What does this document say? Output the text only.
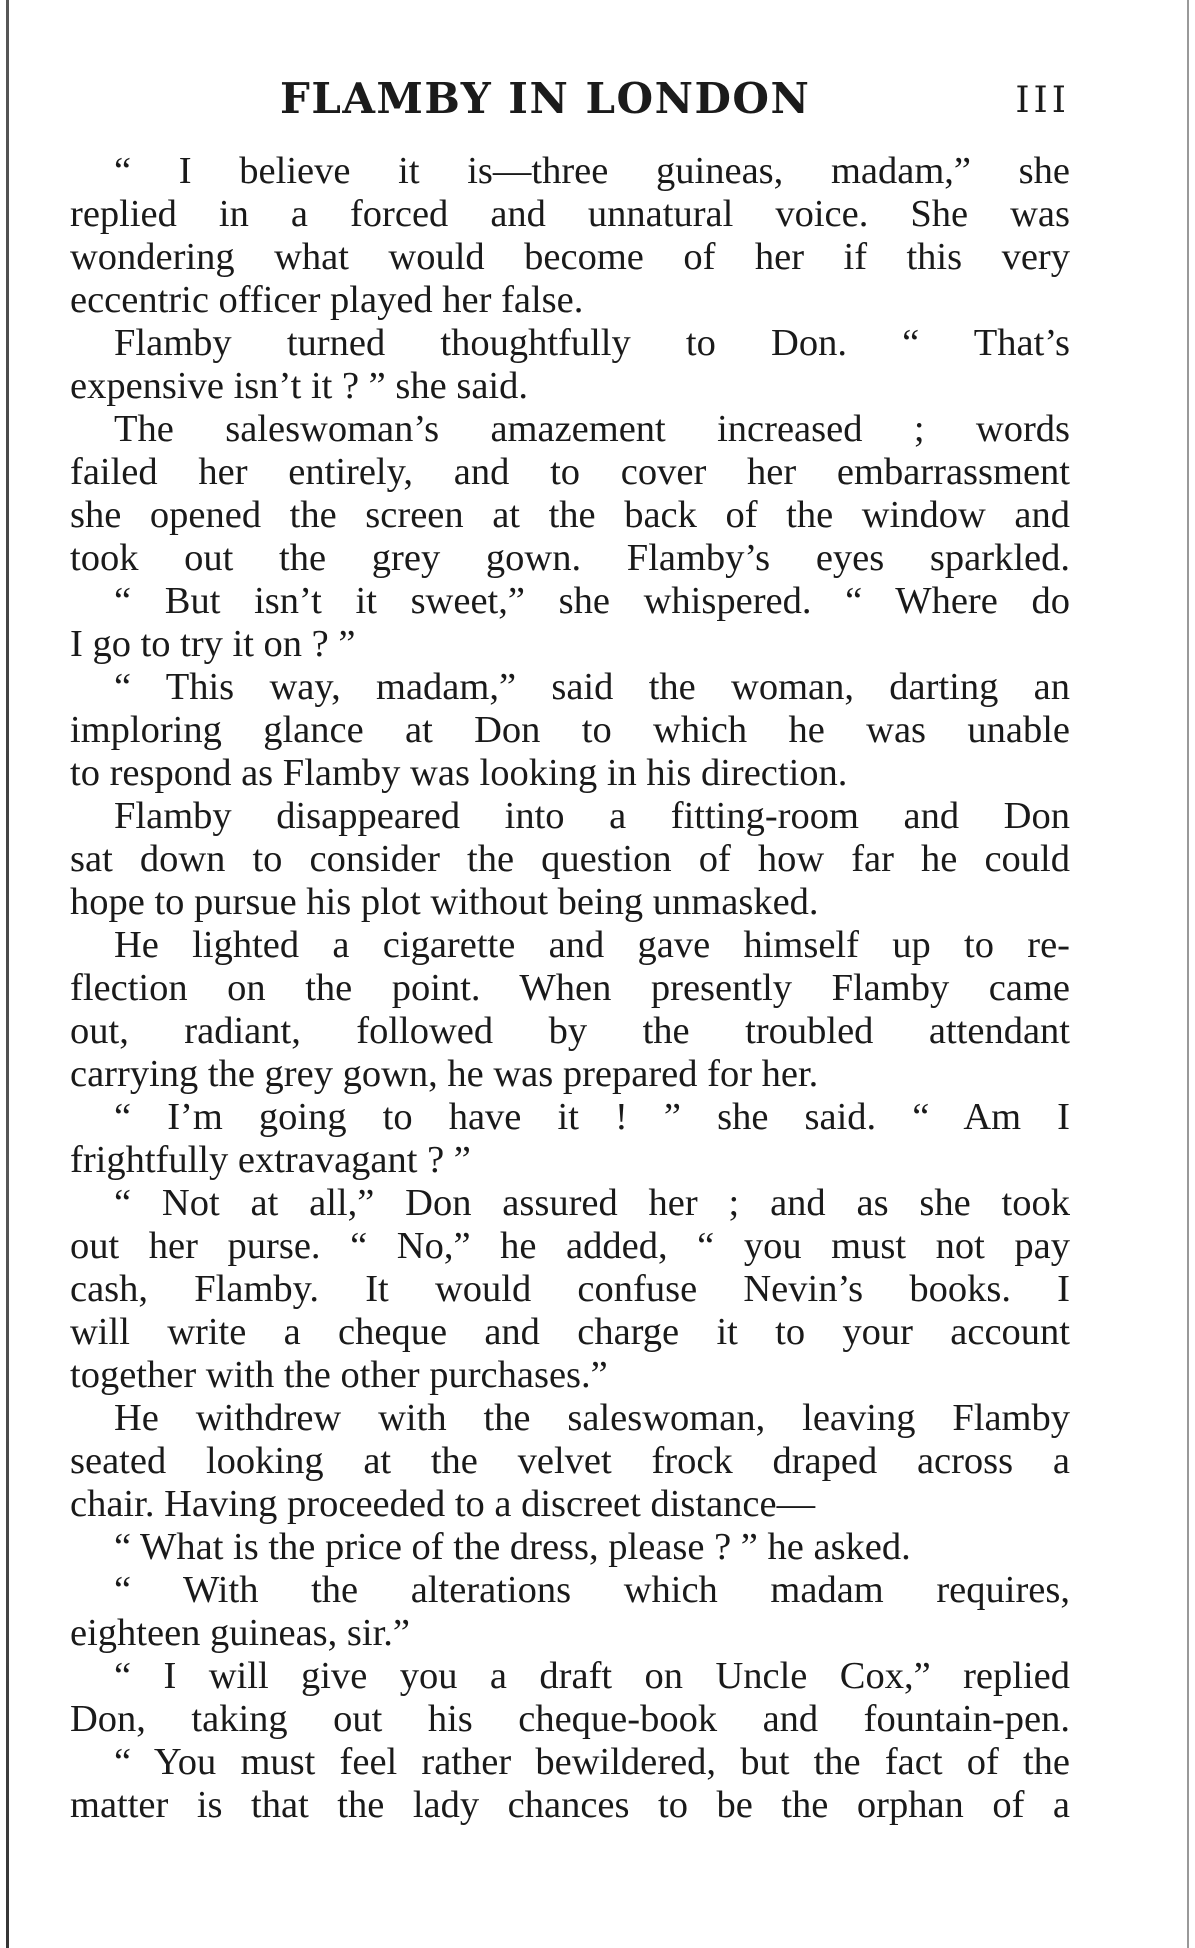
FLAMBY IN LONDON	III
“ I believe it is—three guineas, madam,” she
replied in a forced and unnatural voice. She was
wondering what would become of her if this very
eccentric officer played her false.
Flamby turned thoughtfully to Don. “ That’s
expensive isn’t it ? ” she said.
The saleswoman’s amazement increased ; words
failed her entirely, and to cover her embarrassment
she opened the screen at the back of the window and
took out the grey gown. Flamby’s eyes sparkled.
“ But isn’t it sweet,” she whispered. “ Where do
I go to try it on ? ”
“ This way, madam,” said the woman, darting an
imploring glance at Don to which he was unable
to respond as Flamby was looking in his direction.
Flamby disappeared into a fitting-room and Don
sat down to consider the question of how far he could
hope to pursue his plot without being unmasked.
He lighted a cigarette and gave himself up to re-
flection on the point. When presently Flamby came
out, radiant, followed by the troubled attendant
carrying the grey gown, he was prepared for her.
“ I’m going to have it ! ” she said. “ Am I
frightfully extravagant ? ”
“ Not at all,” Don assured her ; and as she took
out her purse. “ No,” he added, “ you must not pay
cash, Flamby. It would confuse Nevin’s books. I
will write a cheque and charge it to your account
together with the other purchases.”
He withdrew with the saleswoman, leaving Flamby
seated looking at the velvet frock draped across a
chair. Having proceeded to a discreet distance—
“ What is the price of the dress, please ? ” he asked.
“ With the alterations which madam requires,
eighteen guineas, sir.”
“ I will give you a draft on Uncle Cox,” replied
Don, taking out his cheque-book and fountain-pen.
“ You must feel rather bewildered, but the fact of the
matter is that the lady chances to be the orphan of a
